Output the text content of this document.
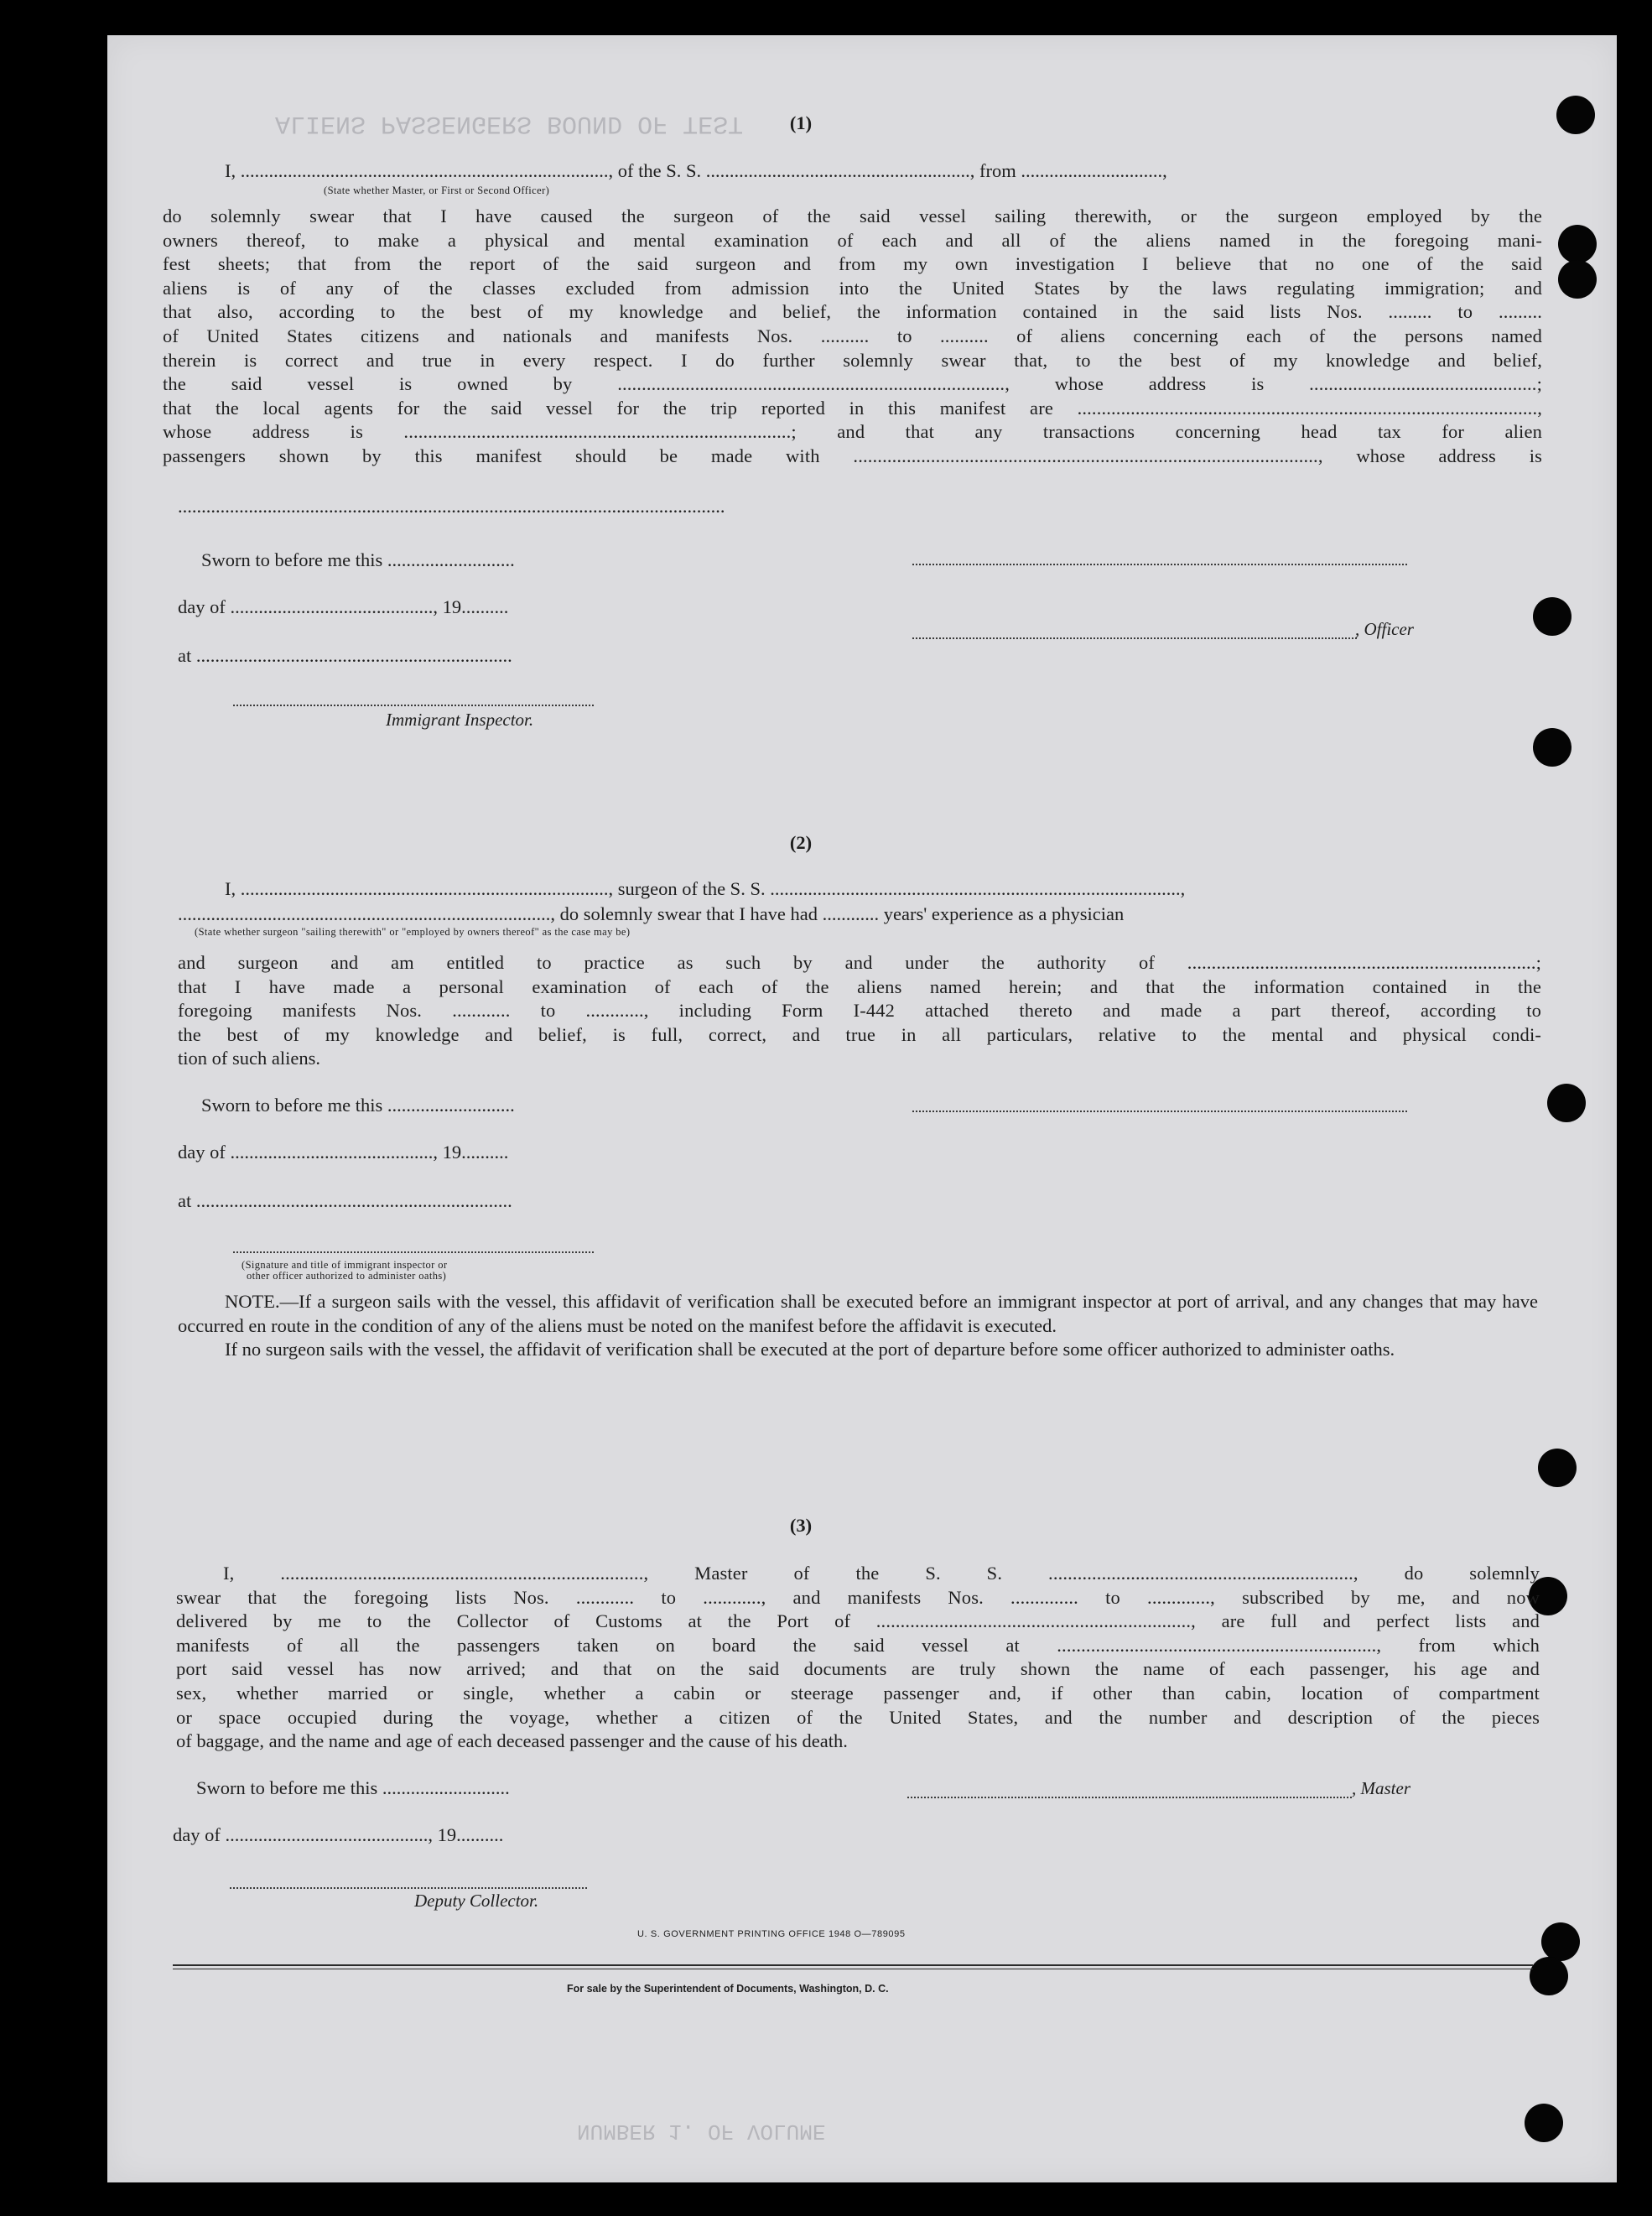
ALIENS PASSENGERS BOUND OF TEST	(1)
I, .............................................................................., of the S. S. ........................................................, from ..............................,
(State whether Master, or First or Second Officer)
do solemnly swear that I have caused the surgeon of the said vessel sailing therewith, or the surgeon employed by the
owners thereof, to make a physical and mental examination of each and all of the aliens named in the foregoing mani-
fest sheets; that from the report of the said surgeon and from my own investigation I believe that no one of the said
aliens is of any of the classes excluded from admission into the United States by the laws regulating immigration; and
that also, according to the best of my knowledge and belief, the information contained in the said lists Nos. ......... to .........
of United States citizens and nationals and manifests Nos. .......... to .......... of aliens concerning each of the persons named
therein is correct and true in every respect. I do further solemnly swear that, to the best of my knowledge and belief,
the said vessel is owned by ................................................................................, whose address is ...............................................;
that the local agents for the said vessel for the trip reported in this manifest are ...............................................................................................,
whose address is ................................................................................; and that any transactions concerning head tax for alien
passengers shown by this manifest should be made with ................................................................................................, whose address is
....................................................................................................................
Sworn to before me this ...........................
day of ..........................................., 19..........
at ...................................................................
, Officer
Immigrant Inspector.
(2)
I, .............................................................................., surgeon of the S. S. .......................................................................................,
..............................................................................., do solemnly swear that I have had ............ years' experience as a physician
(State whether surgeon "sailing therewith" or "employed by owners thereof" as the case may be)
and surgeon and am entitled to practice as such by and under the authority of ........................................................................;
that I have made a personal examination of each of the aliens named herein; and that the information contained in the
foregoing manifests Nos. ............ to ............, including Form I-442 attached thereto and made a part thereof, according to
the best of my knowledge and belief, is full, correct, and true in all particulars, relative to the mental and physical condi-
tion of such aliens.
Sworn to before me this ...........................
day of ..........................................., 19..........
at ...................................................................
(Signature and title of immigrant inspector or
other officer authorized to administer oaths)

NOTE.—If a surgeon sails with the vessel, this affidavit of verification shall be executed before an immigrant inspector at port of arrival, and any changes that may have occurred en route in the condition of any of the aliens must be noted on the manifest before the affidavit is executed.

If no surgeon sails with the vessel, the affidavit of verification shall be executed at the port of departure before some officer authorized to administer oaths.

(3)
I, ..........................................................................., Master of the S. S. ..............................................................., do solemnly
swear that the foregoing lists Nos. ............ to ............, and manifests Nos. .............. to ............., subscribed by me, and now
delivered by me to the Collector of Customs at the Port of ................................................................., are full and perfect lists and
manifests of all the passengers taken on board the said vessel at .................................................................., from which
port said vessel has now arrived; and that on the said documents are truly shown the name of each passenger, his age and
sex, whether married or single, whether a cabin or steerage passenger and, if other than cabin, location of compartment
or space occupied during the voyage, whether a citizen of the United States, and the number and description of the pieces
of baggage, and the name and age of each deceased passenger and the cause of his death.
Sworn to before me this ...........................
day of ..........................................., 19..........
, Master
Deputy Collector.
U. S. GOVERNMENT PRINTING OFFICE 1948 O—789095
For sale by the Superintendent of Documents, Washington, D. C.
NUMBER 1. OF VOLUME
